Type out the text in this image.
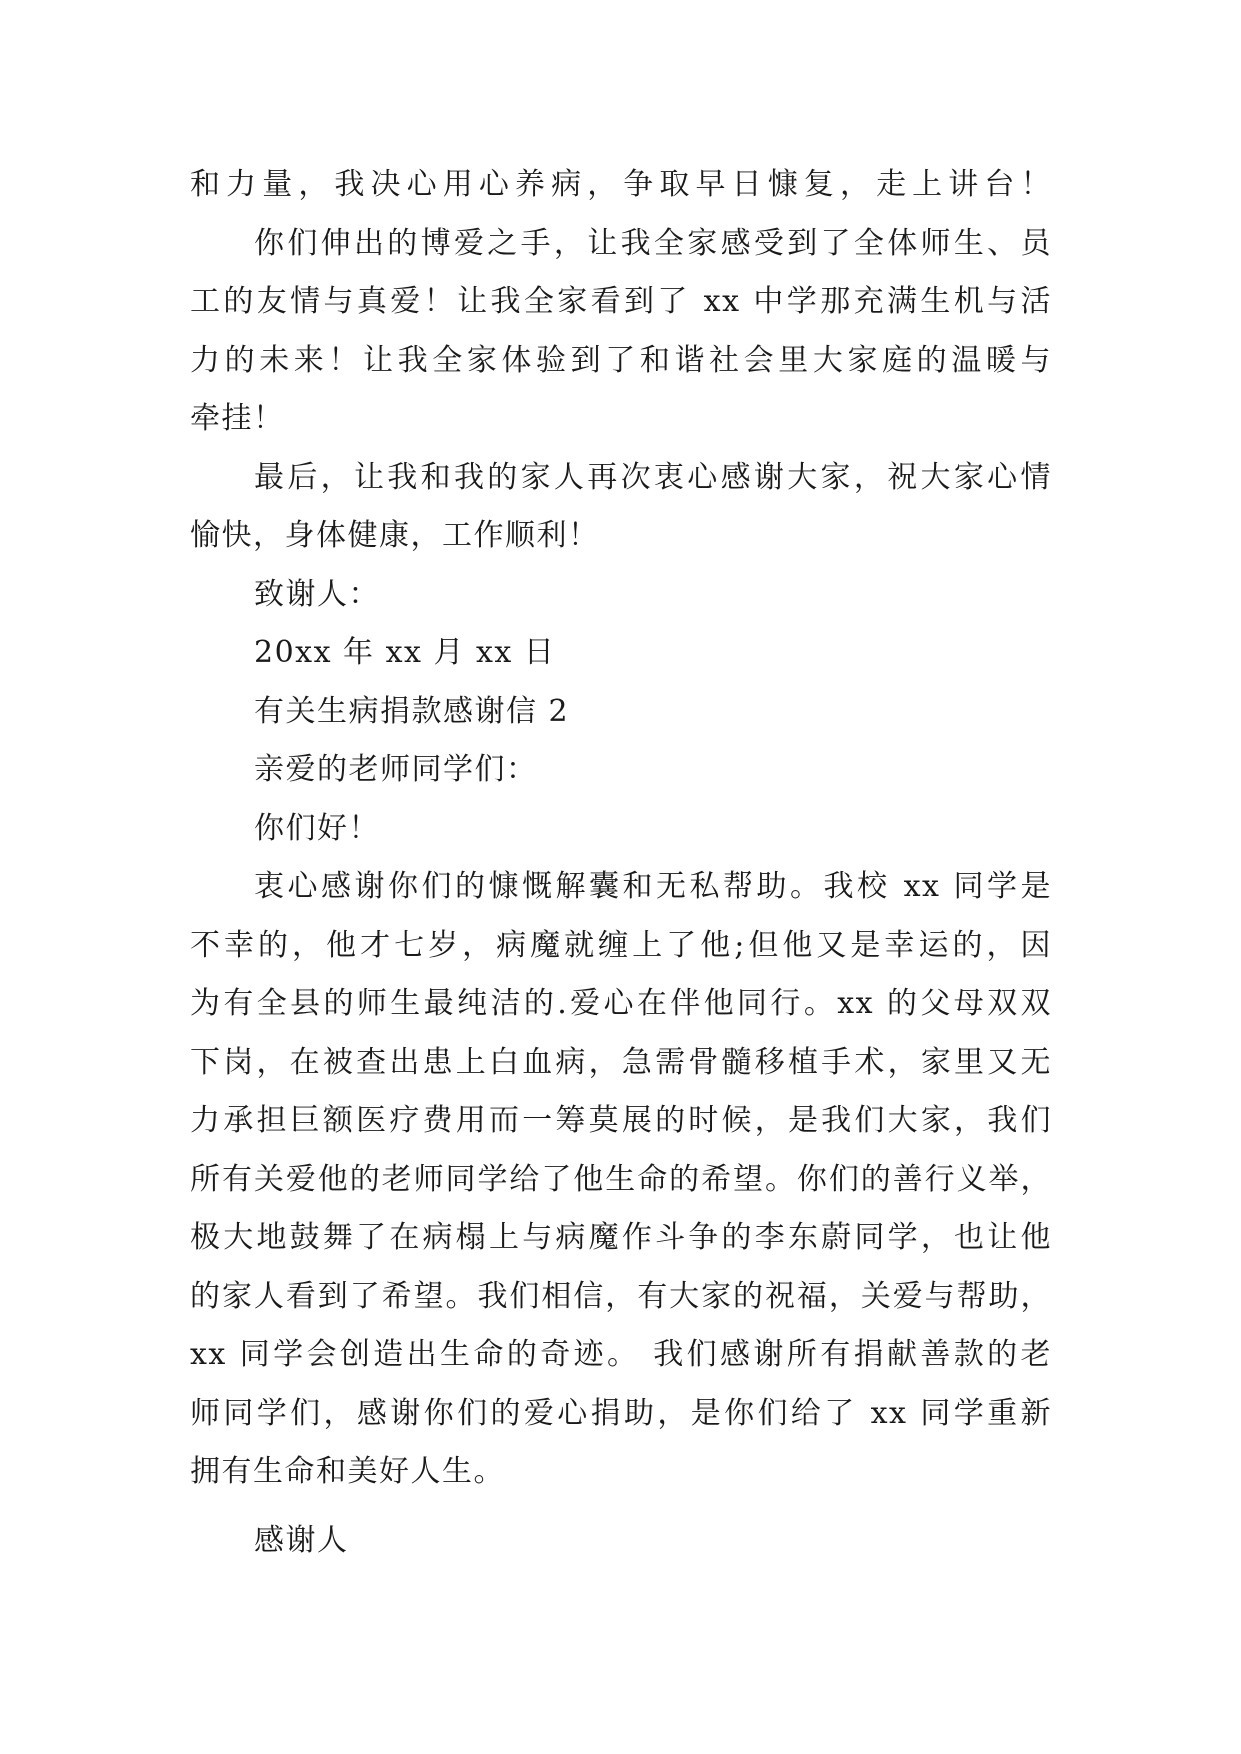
和力量，我决心用心养病，争取早日慷复，走上讲台！
你们伸出的博爱之手，让我全家感受到了全体师生、员
工的友情与真爱！让我全家看到了 xx 中学那充满生机与活
力的未来！让我全家体验到了和谐社会里大家庭的温暖与
牵挂！
最后，让我和我的家人再次衷心感谢大家，祝大家心情
愉快，身体健康，工作顺利！
致谢人：
20xx 年 xx 月 xx 日
有关生病捐款感谢信 2
亲爱的老师同学们：
你们好！
衷心感谢你们的慷慨解囊和无私帮助。我校 xx 同学是
不幸的，他才七岁，病魔就缠上了他;但他又是幸运的，因
为有全县的师生最纯洁的.爱心在伴他同行。xx 的父母双双
下岗，在被查出患上白血病，急需骨髓移植手术，家里又无
力承担巨额医疗费用而一筹莫展的时候，是我们大家，我们
所有关爱他的老师同学给了他生命的希望。你们的善行义举，
极大地鼓舞了在病榻上与病魔作斗争的李东蔚同学，也让他
的家人看到了希望。我们相信，有大家的祝福，关爱与帮助，
xx 同学会创造出生命的奇迹。 我们感谢所有捐献善款的老
师同学们，感谢你们的爱心捐助，是你们给了 xx 同学重新
拥有生命和美好人生。
感谢人
